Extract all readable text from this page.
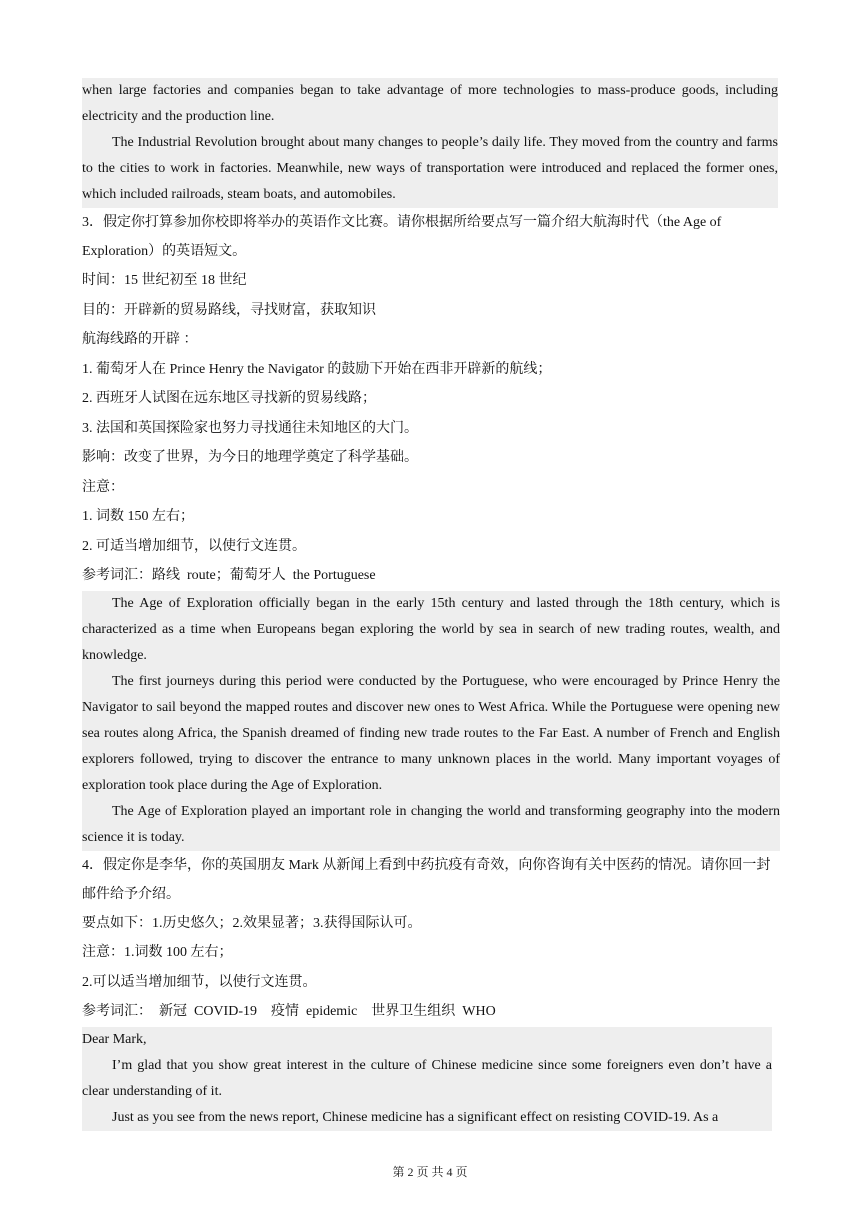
when large factories and companies began to take advantage of more technologies to mass-produce goods, including electricity and the production line.

The Industrial Revolution brought about many changes to people’s daily life. They moved from the country and farms to the cities to work in factories. Meanwhile, new ways of transportation were introduced and replaced the former ones, which included railroads, steam boats, and automobiles.

3．假定你打算参加你校即将举办的英语作文比赛。请你根据所给要点写一篇介绍大航海时代（the Age of Exploration）的英语短文。

时间：15 世纪初至 18 世纪

目的：开辟新的贸易路线，寻找财富，获取知识

航海线路的开辟 ：

1. 葡萄牙人在 Prince Henry the Navigator 的鼓励下开始在西非开辟新的航线；

2. 西班牙人试图在远东地区寻找新的贸易线路；

3. 法国和英国探险家也努力寻找通往未知地区的大门。

影响：改变了世界，为今日的地理学奠定了科学基础。

注意：

1. 词数 150 左右；

2. 可适当增加细节，以使行文连贯。

参考词汇：路线  route；葡萄牙人  the Portuguese

The Age of Exploration officially began in the early 15th century and lasted through the 18th century, which is characterized as a time when Europeans began exploring the world by sea in search of new trading routes, wealth, and knowledge.

The first journeys during this period were conducted by the Portuguese, who were encouraged by Prince Henry the Navigator to sail beyond the mapped routes and discover new ones to West Africa. While the Portuguese were opening new sea routes along Africa, the Spanish dreamed of finding new trade routes to the Far East. A number of French and English explorers followed, trying to discover the entrance to many unknown places in the world. Many important voyages of exploration took place during the Age of Exploration.

The Age of Exploration played an important role in changing the world and transforming geography into the modern science it is today.

4．假定你是李华，你的英国朋友 Mark 从新闻上看到中药抗疫有奇效，向你咨询有关中医药的情况。请你回一封邮件给予介绍。

要点如下：1.历史悠久；2.效果显著；3.获得国际认可。

注意：1.词数 100 左右；

2.可以适当增加细节，以使行文连贯。

参考词汇：  新冠  COVID-19    疫情  epidemic    世界卫生组织  WHO

Dear Mark,

I’m glad that you show great interest in the culture of Chinese medicine since some foreigners even don’t have a clear understanding of it.

Just as you see from the news report, Chinese medicine has a significant effect on resisting COVID-19. As a

第 2 页 共 4 页
